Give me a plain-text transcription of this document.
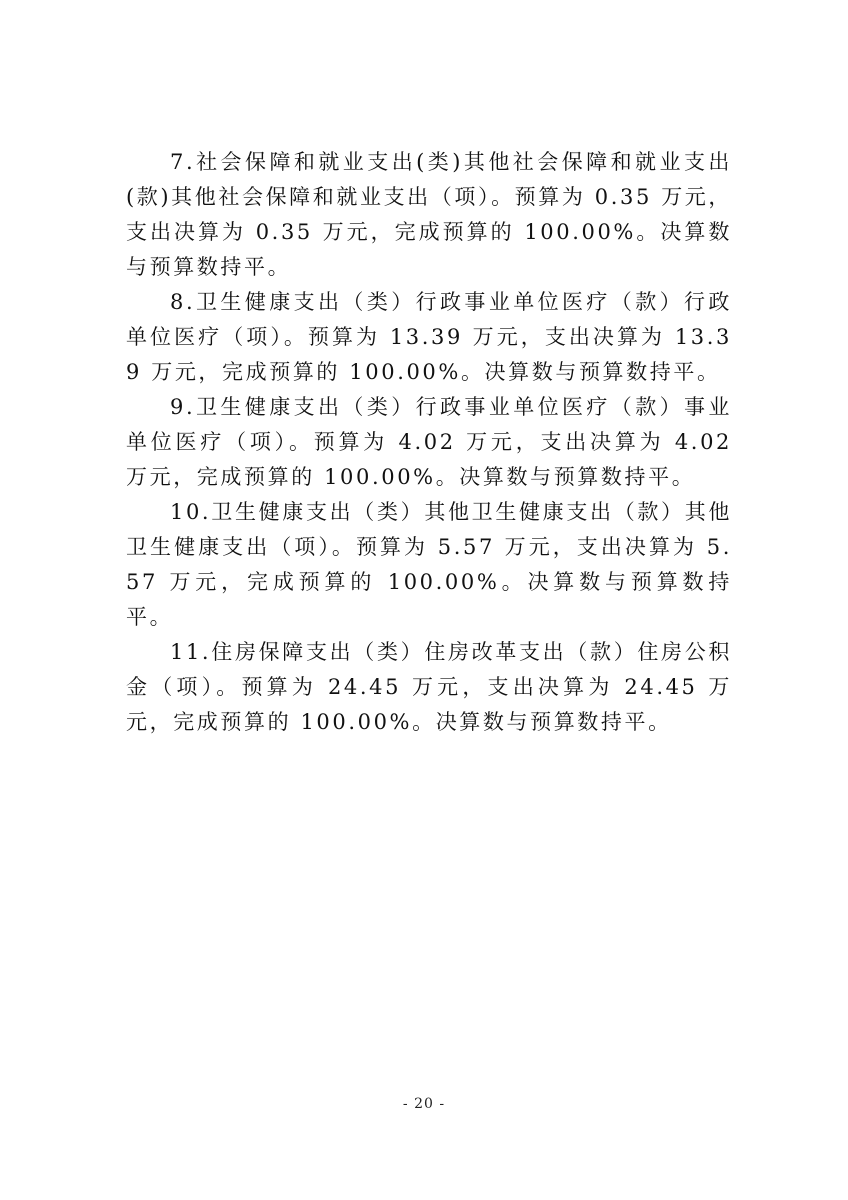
7.社会保障和就业支出(类)其他社会保障和就业支出(款)其他社会保障和就业支出（项）。预算为 0.35 万元，支出决算为 0.35 万元，完成预算的 100.00%。决算数与预算数持平。

8.卫生健康支出（类）行政事业单位医疗（款）行政单位医疗（项）。预算为 13.39 万元，支出决算为 13.39 万元，完成预算的 100.00%。决算数与预算数持平。

9.卫生健康支出（类）行政事业单位医疗（款）事业单位医疗（项）。预算为 4.02 万元，支出决算为 4.02 万元，完成预算的 100.00%。决算数与预算数持平。

10.卫生健康支出（类）其他卫生健康支出（款）其他卫生健康支出（项）。预算为 5.57 万元，支出决算为 5.57 万元，完成预算的 100.00%。决算数与预算数持平。

11.住房保障支出（类）住房改革支出（款）住房公积金（项）。预算为 24.45 万元，支出决算为 24.45 万元，完成预算的 100.00%。决算数与预算数持平。

- 20 -
